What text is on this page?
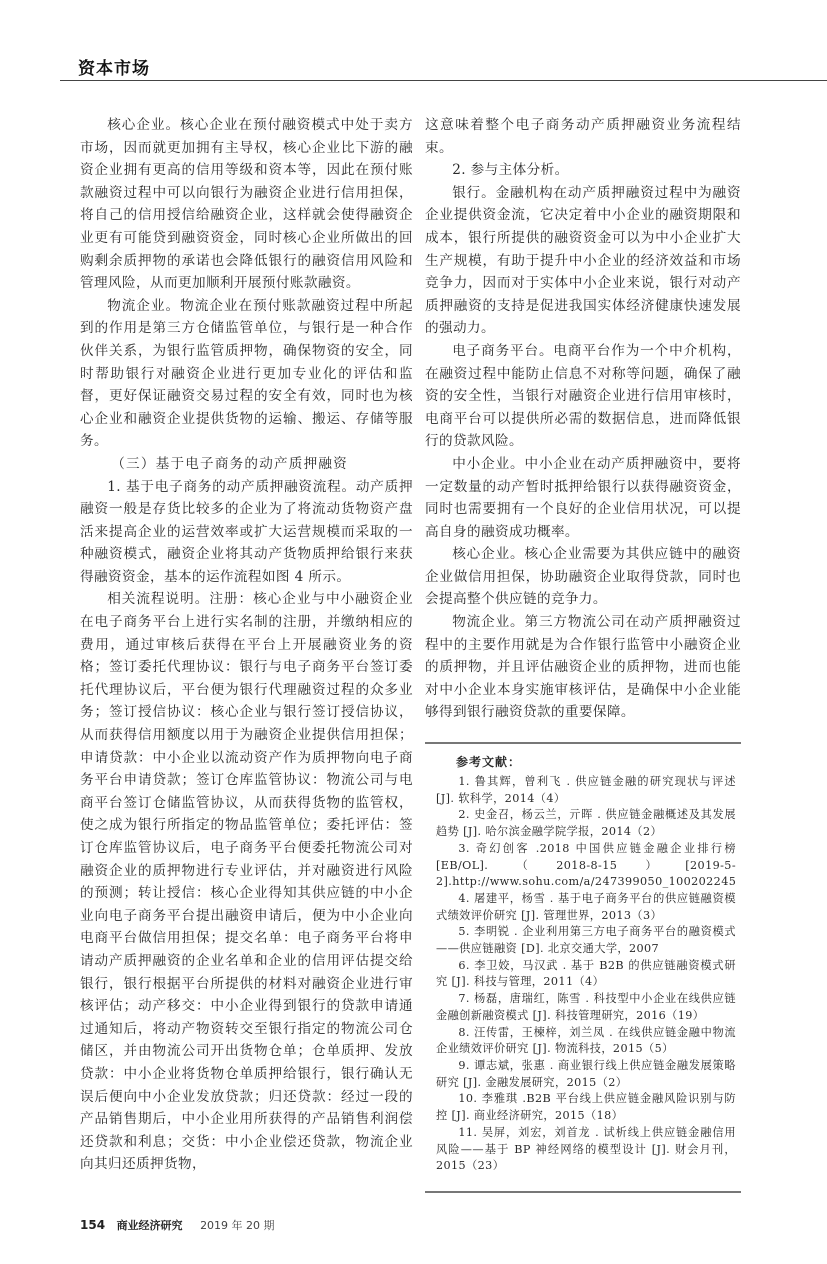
资本市场

核心企业。核心企业在预付融资模式中处于卖方市场，因而就更加拥有主导权，核心企业比下游的融资企业拥有更高的信用等级和资本等，因此在预付账款融资过程中可以向银行为融资企业进行信用担保，将自己的信用授信给融资企业，这样就会使得融资企业更有可能贷到融资资金，同时核心企业所做出的回购剩余质押物的承诺也会降低银行的融资信用风险和管理风险，从而更加顺利开展预付账款融资。

物流企业。物流企业在预付账款融资过程中所起到的作用是第三方仓储监管单位，与银行是一种合作伙伴关系，为银行监管质押物，确保物资的安全，同时帮助银行对融资企业进行更加专业化的评估和监督，更好保证融资交易过程的安全有效，同时也为核心企业和融资企业提供货物的运输、搬运、存储等服务。

（三）基于电子商务的动产质押融资

1. 基于电子商务的动产质押融资流程。动产质押融资一般是存货比较多的企业为了将流动货物资产盘活来提高企业的运营效率或扩大运营规模而采取的一种融资模式，融资企业将其动产货物质押给银行来获得融资资金，基本的运作流程如图 4 所示。

相关流程说明。注册：核心企业与中小融资企业在电子商务平台上进行实名制的注册，并缴纳相应的费用，通过审核后获得在平台上开展融资业务的资格；签订委托代理协议：银行与电子商务平台签订委托代理协议后，平台便为银行代理融资过程的众多业务；签订授信协议：核心企业与银行签订授信协议，从而获得信用额度以用于为融资企业提供信用担保；申请贷款：中小企业以流动资产作为质押物向电子商务平台申请贷款；签订仓库监管协议：物流公司与电商平台签订仓储监管协议，从而获得货物的监管权，使之成为银行所指定的物品监管单位；委托评估：签订仓库监管协议后，电子商务平台便委托物流公司对融资企业的质押物进行专业评估，并对融资进行风险的预测；转让授信：核心企业得知其供应链的中小企业向电子商务平台提出融资申请后，便为中小企业向电商平台做信用担保；提交名单：电子商务平台将申请动产质押融资的企业名单和企业的信用评估提交给银行，银行根据平台所提供的材料对融资企业进行审核评估；动产移交：中小企业得到银行的贷款申请通过通知后，将动产物资转交至银行指定的物流公司仓储区，并由物流公司开出货物仓单；仓单质押、发放贷款：中小企业将货物仓单质押给银行，银行确认无误后便向中小企业发放贷款；归还贷款：经过一段的产品销售期后，中小企业用所获得的产品销售利润偿还贷款和利息；交货：中小企业偿还贷款，物流企业向其归还质押货物，

这意味着整个电子商务动产质押融资业务流程结束。

2. 参与主体分析。

银行。金融机构在动产质押融资过程中为融资企业提供资金流，它决定着中小企业的融资期限和成本，银行所提供的融资资金可以为中小企业扩大生产规模，有助于提升中小企业的经济效益和市场竞争力，因而对于实体中小企业来说，银行对动产质押融资的支持是促进我国实体经济健康快速发展的强动力。

电子商务平台。电商平台作为一个中介机构，在融资过程中能防止信息不对称等问题，确保了融资的安全性，当银行对融资企业进行信用审核时，电商平台可以提供所必需的数据信息，进而降低银行的贷款风险。

中小企业。中小企业在动产质押融资中，要将一定数量的动产暂时抵押给银行以获得融资资金，同时也需要拥有一个良好的企业信用状况，可以提高自身的融资成功概率。

核心企业。核心企业需要为其供应链中的融资企业做信用担保，协助融资企业取得贷款，同时也会提高整个供应链的竞争力。

物流企业。第三方物流公司在动产质押融资过程中的主要作用就是为合作银行监管中小融资企业的质押物，并且评估融资企业的质押物，进而也能对中小企业本身实施审核评估，是确保中小企业能够得到银行融资贷款的重要保障。

参考文献：

1. 鲁其辉，曾利飞 . 供应链金融的研究现状与评述 [J]. 软科学，2014（4）

2. 史金召，杨云兰，亓晖 . 供应链金融概述及其发展趋势 [J]. 哈尔滨金融学院学报，2014（2）

3. 奇幻创客 .2018 中国供应链金融企业排行榜 [EB/OL].（2018-8-15）[2019-5-2].http://www.sohu.com/a/247399050_100202245

4. 屠建平，杨雪 . 基于电子商务平台的供应链融资模式绩效评价研究 [J]. 管理世界，2013（3）

5. 李明锐 . 企业利用第三方电子商务平台的融资模式——供应链融资 [D]. 北京交通大学，2007

6. 李卫姣，马汉武 . 基于 B2B 的供应链融资模式研究 [J]. 科技与管理，2011（4）

7. 杨磊，唐瑞红，陈雪 . 科技型中小企业在线供应链金融创新融资模式 [J]. 科技管理研究，2016（19）

8. 汪传雷，王楝梓，刘兰凤 . 在线供应链金融中物流企业绩效评价研究 [J]. 物流科技，2015（5）

9. 谭志斌，张惠 . 商业银行线上供应链金融发展策略研究 [J]. 金融发展研究，2015（2）

10. 李雅琪 .B2B 平台线上供应链金融风险识别与防控 [J]. 商业经济研究，2015（18）

11. 吴屏，刘宏，刘首龙 . 试析线上供应链金融信用风险——基于 BP 神经网络的模型设计 [J]. 财会月刊，2015（23）

154 商业经济研究 2019 年 20 期
